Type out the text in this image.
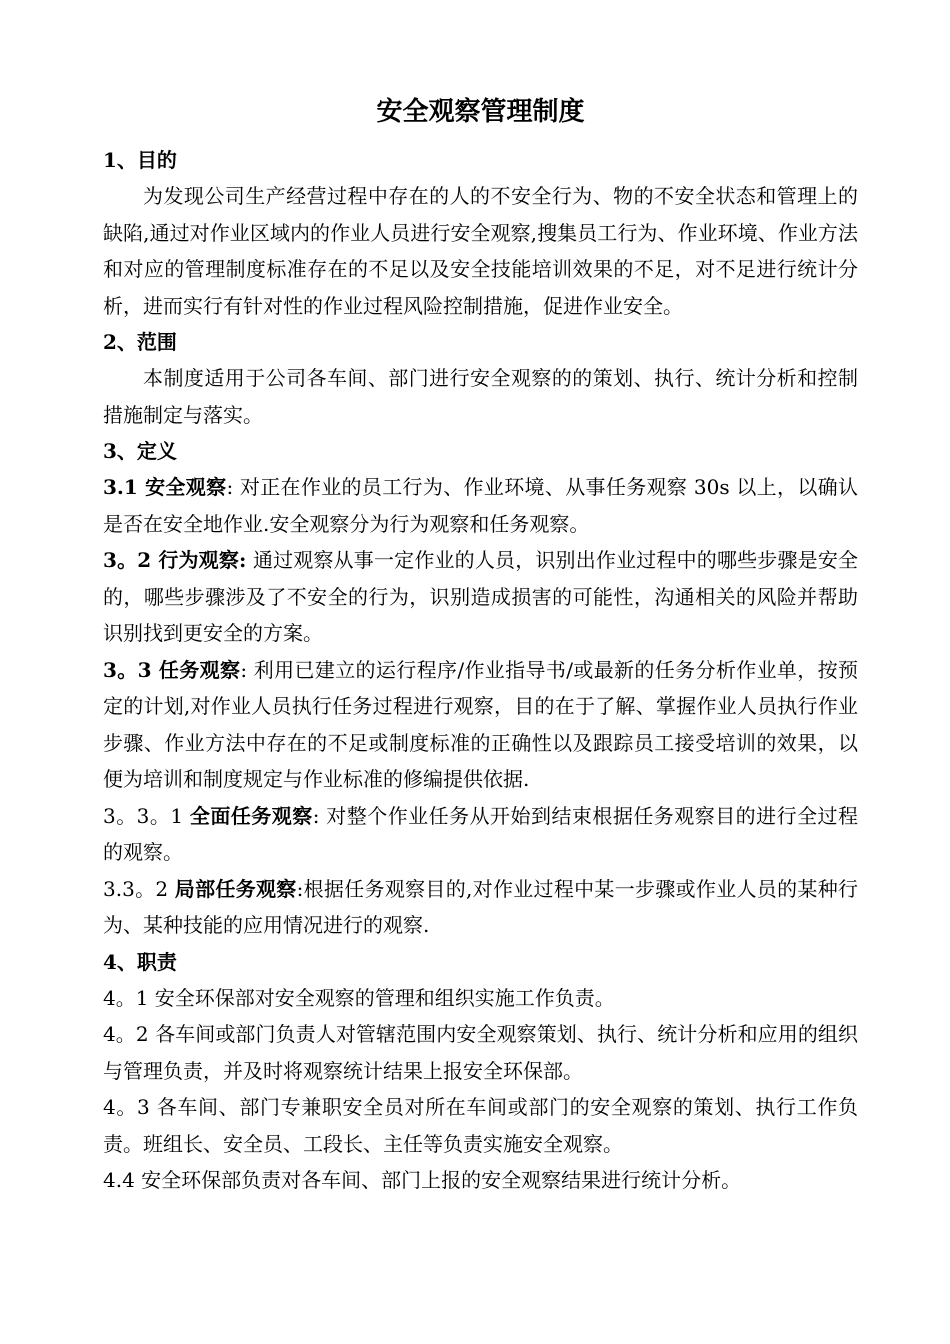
安全观察管理制度
1、目的

为发现公司生产经营过程中存在的人的不安全行为、物的不安全状态和管理上的缺陷,通过对作业区域内的作业人员进行安全观察,搜集员工行为、作业环境、作业方法和对应的管理制度标准存在的不足以及安全技能培训效果的不足，对不足进行统计分析，进而实行有针对性的作业过程风险控制措施，促进作业安全。

2、范围

本制度适用于公司各车间、部门进行安全观察的的策划、执行、统计分析和控制措施制定与落实。

3、定义

3.1 安全观察: 对正在作业的员工行为、作业环境、从事任务观察 30s 以上，以确认是否在安全地作业.安全观察分为行为观察和任务观察。

3。2 行为观察: 通过观察从事一定作业的人员，识别出作业过程中的哪些步骤是安全的，哪些步骤涉及了不安全的行为，识别造成损害的可能性，沟通相关的风险并帮助识别找到更安全的方案。

3。3 任务观察: 利用已建立的运行程序/作业指导书/或最新的任务分析作业单，按预定的计划,对作业人员执行任务过程进行观察，目的在于了解、掌握作业人员执行作业步骤、作业方法中存在的不足或制度标准的正确性以及跟踪员工接受培训的效果，以便为培训和制度规定与作业标准的修编提供依据.

3。3。1 全面任务观察: 对整个作业任务从开始到结束根据任务观察目的进行全过程的观察。

3.3。2 局部任务观察:根据任务观察目的,对作业过程中某一步骤或作业人员的某种行为、某种技能的应用情况进行的观察.

4、职责

4。1 安全环保部对安全观察的管理和组织实施工作负责。

4。2 各车间或部门负责人对管辖范围内安全观察策划、执行、统计分析和应用的组织与管理负责，并及时将观察统计结果上报安全环保部。

4。3 各车间、部门专兼职安全员对所在车间或部门的安全观察的策划、执行工作负责。班组长、安全员、工段长、主任等负责实施安全观察。

4.4 安全环保部负责对各车间、部门上报的安全观察结果进行统计分析。
